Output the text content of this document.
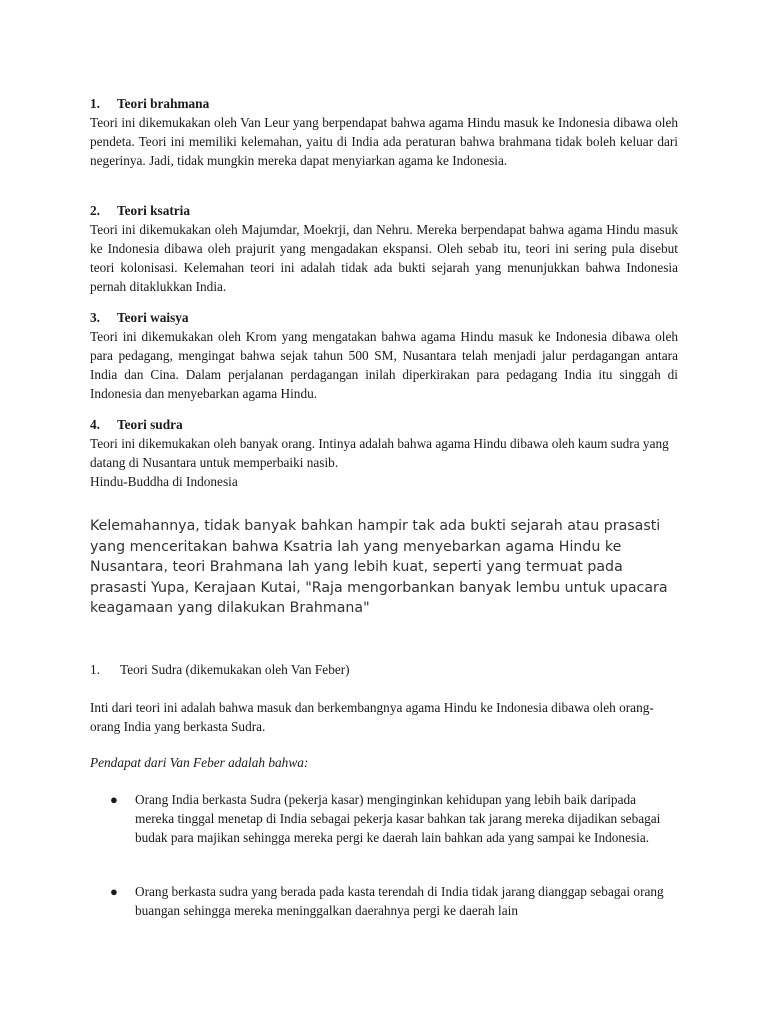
1.	Teori brahmana

Teori ini dikemukakan oleh Van Leur yang berpendapat bahwa agama Hindu masuk ke Indonesia dibawa oleh pendeta. Teori ini memiliki kelemahan, yaitu di India ada peraturan bahwa brahmana tidak boleh keluar dari negerinya. Jadi, tidak mungkin mereka dapat menyiarkan agama ke Indonesia.

2.	Teori ksatria

Teori ini dikemukakan oleh Majumdar, Moekrji, dan Nehru. Mereka berpendapat bahwa agama Hindu masuk ke Indonesia dibawa oleh prajurit yang mengadakan ekspansi. Oleh sebab itu, teori ini sering pula disebut teori kolonisasi. Kelemahan teori ini adalah tidak ada bukti sejarah yang menunjukkan bahwa Indonesia pernah ditaklukkan India.

3.	Teori waisya

Teori ini dikemukakan oleh Krom yang mengatakan bahwa agama Hindu masuk ke Indonesia dibawa oleh para pedagang, mengingat bahwa sejak tahun 500 SM, Nusantara telah menjadi jalur perdagangan antara India dan Cina. Dalam perjalanan perdagangan inilah diperkirakan para pedagang India itu singgah di Indonesia dan menyebarkan agama Hindu.

4.	Teori sudra

Teori ini dikemukakan oleh banyak orang. Intinya adalah bahwa agama Hindu dibawa oleh kaum sudra yang datang di Nusantara untuk memperbaiki nasib.

Hindu-Buddha di Indonesia

Kelemahannya, tidak banyak bahkan hampir tak ada bukti sejarah atau prasasti yang menceritakan bahwa Ksatria lah yang menyebarkan agama Hindu ke Nusantara, teori Brahmana lah yang lebih kuat, seperti yang termuat pada prasasti Yupa, Kerajaan Kutai, "Raja mengorbankan banyak lembu untuk upacara keagamaan yang dilakukan Brahmana"

1.	Teori Sudra (dikemukakan oleh Van Feber)

Inti dari teori ini adalah bahwa masuk dan berkembangnya agama Hindu ke Indonesia dibawa oleh orang-orang India yang berkasta Sudra.

Pendapat dari Van Feber adalah bahwa:

●	Orang India berkasta Sudra (pekerja kasar) menginginkan kehidupan yang lebih baik daripada mereka tinggal menetap di India sebagai pekerja kasar bahkan tak jarang mereka dijadikan sebagai budak para majikan sehingga mereka pergi ke daerah lain bahkan ada yang sampai ke Indonesia.
●	Orang berkasta sudra yang berada pada kasta terendah di India tidak jarang dianggap sebagai orang buangan sehingga mereka meninggalkan daerahnya pergi ke daerah lain
